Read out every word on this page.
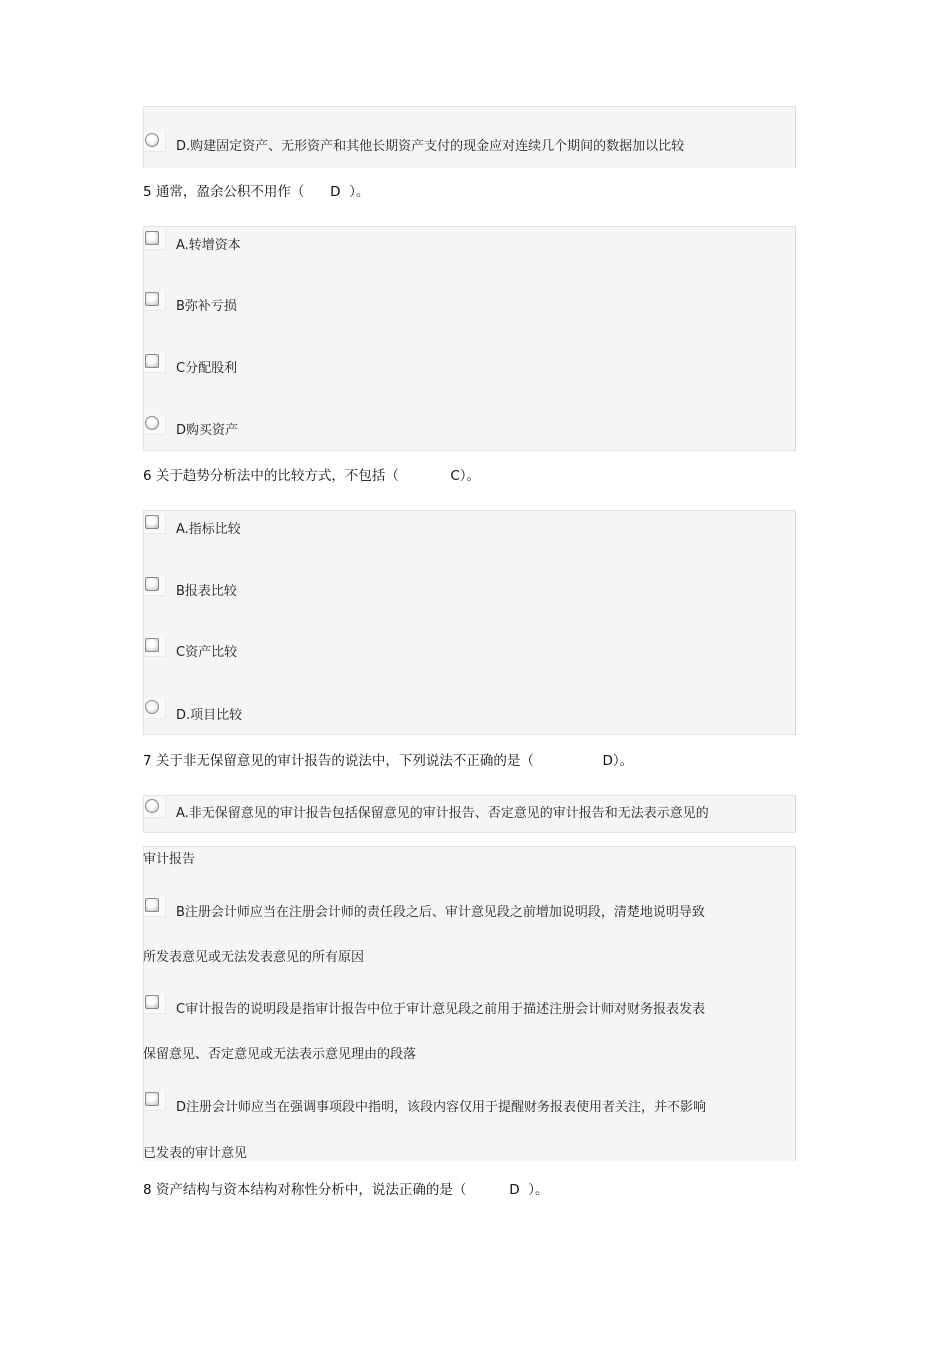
D.购建固定资产、无形资产和其他长期资产支付的现金应对连续几个期间的数据加以比较
5 通常，盈余公积不用作（      D  ）。
A.转增资本
B弥补亏损
C分配股利
D购买资产
6 关于趋势分析法中的比较方式，不包括（            C）。
A.指标比较
B报表比较
C资产比较
D.项目比较
7 关于非无保留意见的审计报告的说法中，下列说法不正确的是（                D）。
A.非无保留意见的审计报告包括保留意见的审计报告、否定意见的审计报告和无法表示意见的
审计报告
B注册会计师应当在注册会计师的责任段之后、审计意见段之前增加说明段，清楚地说明导致
所发表意见或无法发表意见的所有原因
C审计报告的说明段是指审计报告中位于审计意见段之前用于描述注册会计师对财务报表发表
保留意见、否定意见或无法表示意见理由的段落
D注册会计师应当在强调事项段中指明，该段内容仅用于提醒财务报表使用者关注，并不影响
已发表的审计意见
8 资产结构与资本结构对称性分析中，说法正确的是（          D  ）。
